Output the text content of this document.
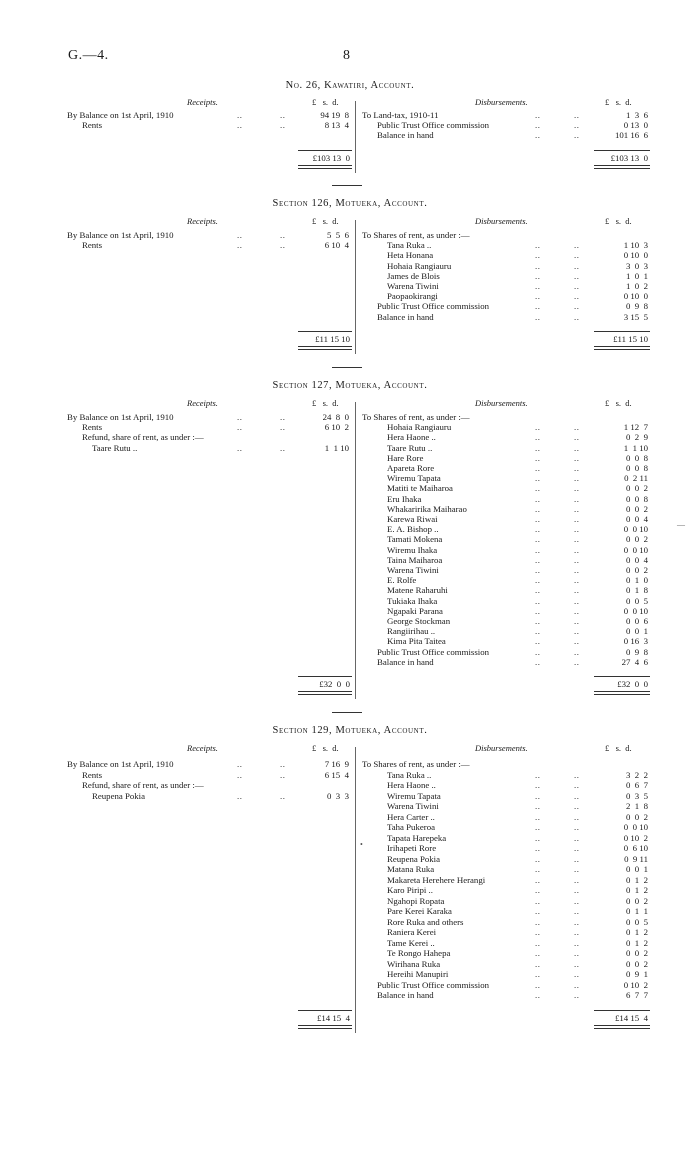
G.—4.	8
No. 26, Kawatiri, Account.
Receipts.	Disbursements.
£   s.  d.	£   s.  d.
By Balance on 1st April, 1910	..	..	94 19  8
Rents	..	..	8 13  4
To Land-tax, 1910-11	..	..	1  3  6
Public Trust Office commission	..	..	0 13  0
Balance in hand	..	..	101 16  6
£103 13  0	£103 13  0
Section 126, Motueka, Account.
Receipts.	Disbursements.
£   s.  d.	£   s.  d.
By Balance on 1st April, 1910	..	..	5  5  6
Rents	..	..	6 10  4
To Shares of rent, as under :—
Tana Ruka ..	..	..	1 10  3
Heta Honana	..	..	0 10  0
Hohaia Rangiauru	..	..	3  0  3
James de Blois	..	..	1  0  1
Warena Tiwini	..	..	1  0  2
Paopaokirangi	..	..	0 10  0
Public Trust Office commission	..	..	0  9  8
Balance in hand	..	..	3 15  5
£11 15 10	£11 15 10
Section 127, Motueka, Account.
Receipts.	Disbursements.
£   s.  d.	£   s.  d.
By Balance on 1st April, 1910	..	..	24  8  0
Rents	..	..	6 10  2
Refund, share of rent, as under :—
Taare Rutu ..	..	..	1  1 10
To Shares of rent, as under :—
Hohaia Rangiauru	..	..	1 12  7
Hera Haone ..	..	..	0  2  9
Taare Rutu ..	..	..	1  1 10
Hare Rore	..	..	0  0  8
Apareta Rore	..	..	0  0  8
Wiremu Tapata	..	..	0  2 11
Matiti te Maiharoa	..	..	0  0  2
Eru Ihaka	..	..	0  0  8
Whakaririka Maiharao	..	..	0  0  2
Karewa Riwai	..	..	0  0  4
E. A. Bishop ..	..	..	0  0 10
Tamati Mokena	..	..	0  0  2
Wiremu Ihaka	..	..	0  0 10
Taina Maiharoa	..	..	0  0  4
Warena Tiwini	..	..	0  0  2
E. Rolfe	..	..	0  1  0
Matene Raharuhi	..	..	0  1  8
Tukiaka Ihaka	..	..	0  0  5
Ngapaki Parana	..	..	0  0 10
George Stockman	..	..	0  0  6
Rangiirihau ..	..	..	0  0  1
Kima Pita Taitea	..	..	0 16  3
Public Trust Office commission	..	..	0  9  8
Balance in hand	..	..	27  4  6
£32  0  0	£32  0  0
Section 129, Motueka, Account.
Receipts.	Disbursements.
£   s.  d.	£   s.  d.
By Balance on 1st April, 1910	..	..	7 16  9
Rents	..	..	6 15  4
Refund, share of rent, as under :—
Reupena Pokia	..	..	0  3  3
To Shares of rent, as under :—
Tana Ruka ..	..	..	3  2  2
Hera Haone ..	..	..	0  6  7
Wiremu Tapata	..	..	0  3  5
Warena Tiwini	..	..	2  1  8
Hera Carter ..	..	..	0  0  2
Taha Pukeroa	..	..	0  0 10
Tapata Harepeka	..	..	0 10  2
Irihapeti Rore	..	..	0  6 10
Reupena Pokia	..	..	0  9 11
Matana Ruka	..	..	0  0  1
Makareta Herehere Herangi	..	..	0  1  2
Karo Piripi ..	..	..	0  1  2
Ngahopi Ropata	..	..	0  0  2
Pare Kerei Karaka	..	..	0  1  1
Rore Ruka and others	..	..	0  0  5
Raniera Kerei	..	..	0  1  2
Tame Kerei ..	..	..	0  1  2
Te Rongo Hahepa	..	..	0  0  2
Wirihana Ruka	..	..	0  0  2
Hereihi Manupiri	..	..	0  9  1
Public Trust Office commission	..	..	0 10  2
Balance in hand	..	..	6  7  7
£14 15  4	£14 15  4
—
•
